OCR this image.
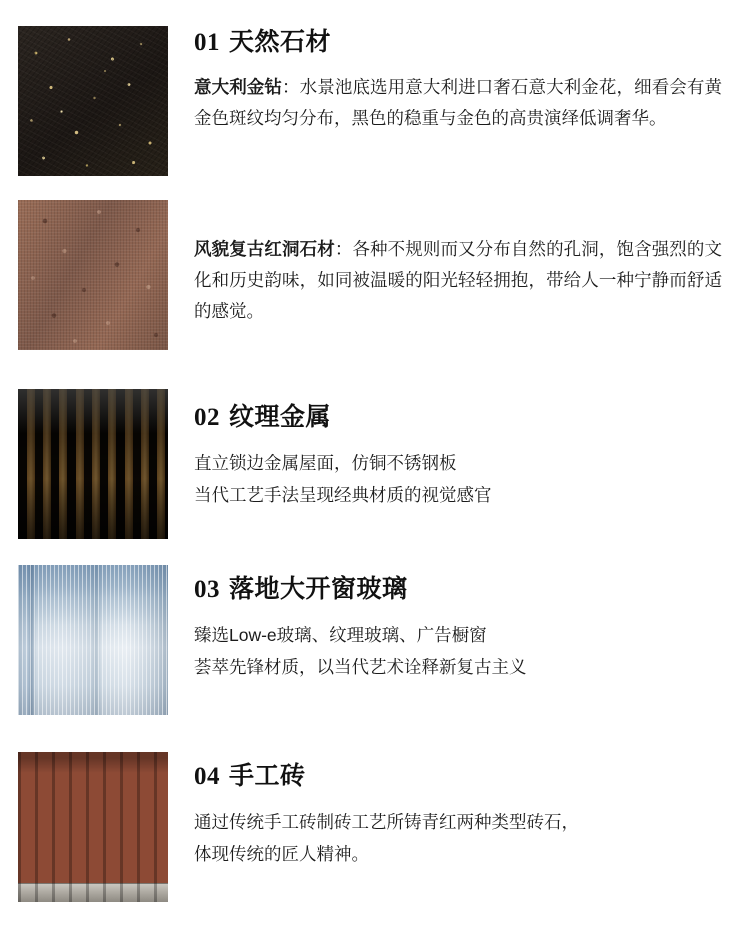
01 天然石材

意大利金钻：水景池底选用意大利进口奢石意大利金花，细看会有黄金色斑纹均匀分布，黑色的稳重与金色的高贵演绎低调奢华。

风貌复古红洞石材：各种不规则而又分布自然的孔洞，饱含强烈的文化和历史韵味，如同被温暖的阳光轻轻拥抱，带给人一种宁静而舒适的感觉。

02 纹理金属

直立锁边金属屋面，仿铜不锈钢板

当代工艺手法呈现经典材质的视觉感官

03 落地大开窗玻璃

臻选Low-e玻璃、纹理玻璃、广告橱窗

荟萃先锋材质，以当代艺术诠释新复古主义

04 手工砖

通过传统手工砖制砖工艺所铸青红两种类型砖石，

体现传统的匠人精神。
